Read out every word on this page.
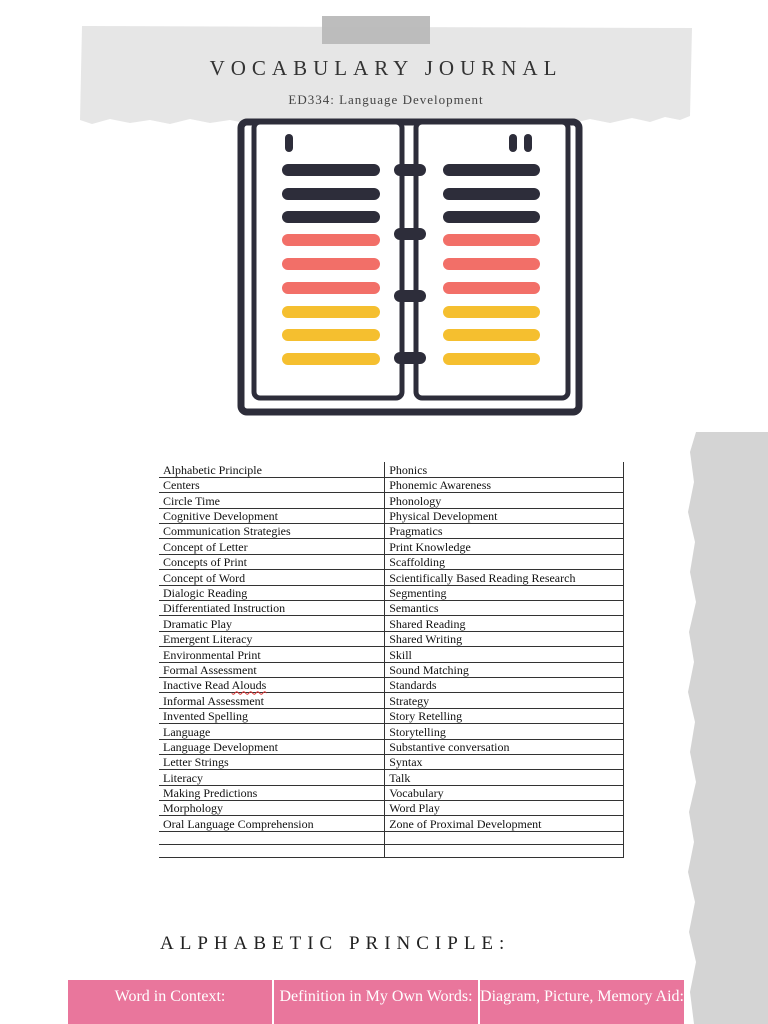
VOCABULARY JOURNAL
ED334: Language Development
Alphabetic Principle	Phonics
Centers	Phonemic Awareness
Circle Time	Phonology
Cognitive Development	Physical Development
Communication Strategies	Pragmatics
Concept of Letter	Print Knowledge
Concepts of Print	Scaffolding
Concept of Word	Scientifically Based Reading Research
Dialogic Reading	Segmenting
Differentiated Instruction	Semantics
Dramatic Play	Shared Reading
Emergent Literacy	Shared Writing
Environmental Print	Skill
Formal Assessment	Sound Matching
Inactive Read Alouds	Standards
Informal Assessment	Strategy
Invented Spelling	Story Retelling
Language	Storytelling
Language Development	Substantive conversation
Letter Strings	Syntax
Literacy	Talk
Making Predictions	Vocabulary
Morphology	Word Play
Oral Language Comprehension	Zone of Proximal Development

ALPHABETIC PRINCIPLE:
Word in Context:	Definition in My Own Words: Diagram, Picture, Memory Aid:
